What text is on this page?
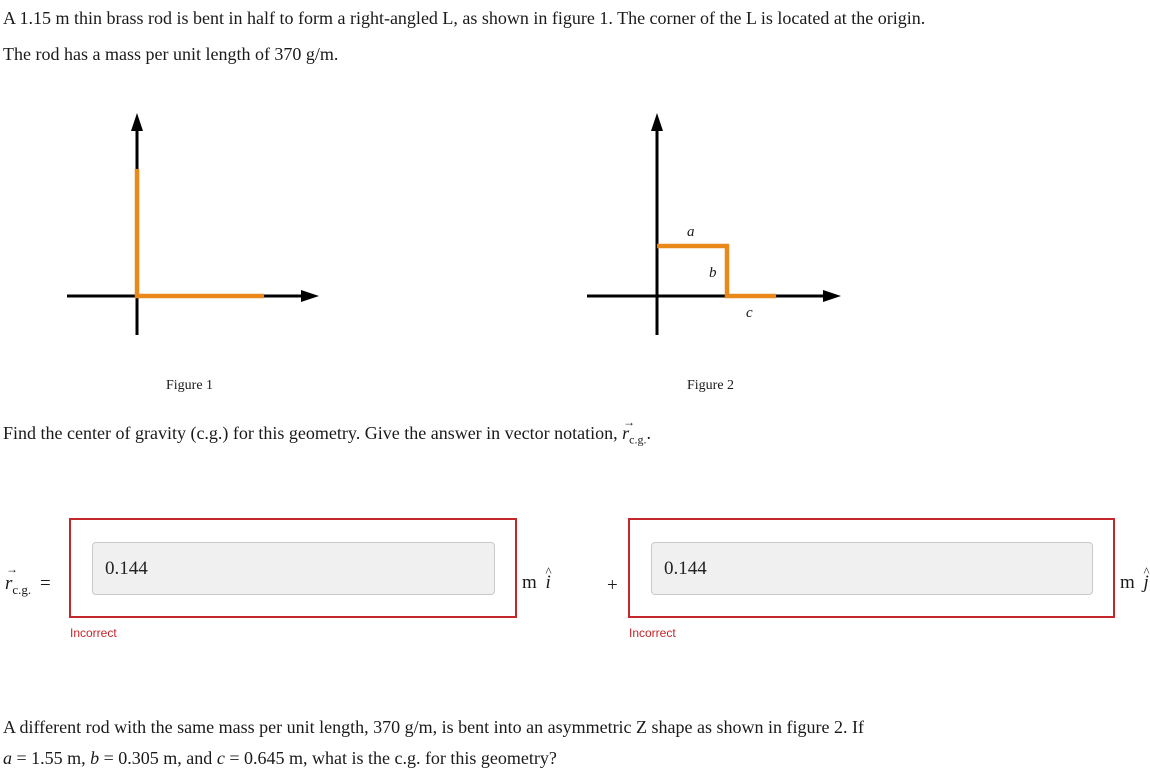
A 1.15 m thin brass rod is bent in half to form a right-angled L, as shown in figure 1. The corner of the L is located at the origin.
The rod has a mass per unit length of 370 g/m.
Figure 1
a
b
c
Figure 2
Find the center of gravity (c.g.) for this geometry. Give the answer in vector notation, → $r_{c.g.}$.
→ $r_{c.g.}$ =
0.144
Incorrect
m ^ i	+
0.144
Incorrect
m ^ j
A different rod with the same mass per unit length, 370 g/m, is bent into an asymmetric Z shape as shown in figure 2. If
a = 1.55 m, b = 0.305 m, and c = 0.645 m, what is the c.g. for this geometry?
